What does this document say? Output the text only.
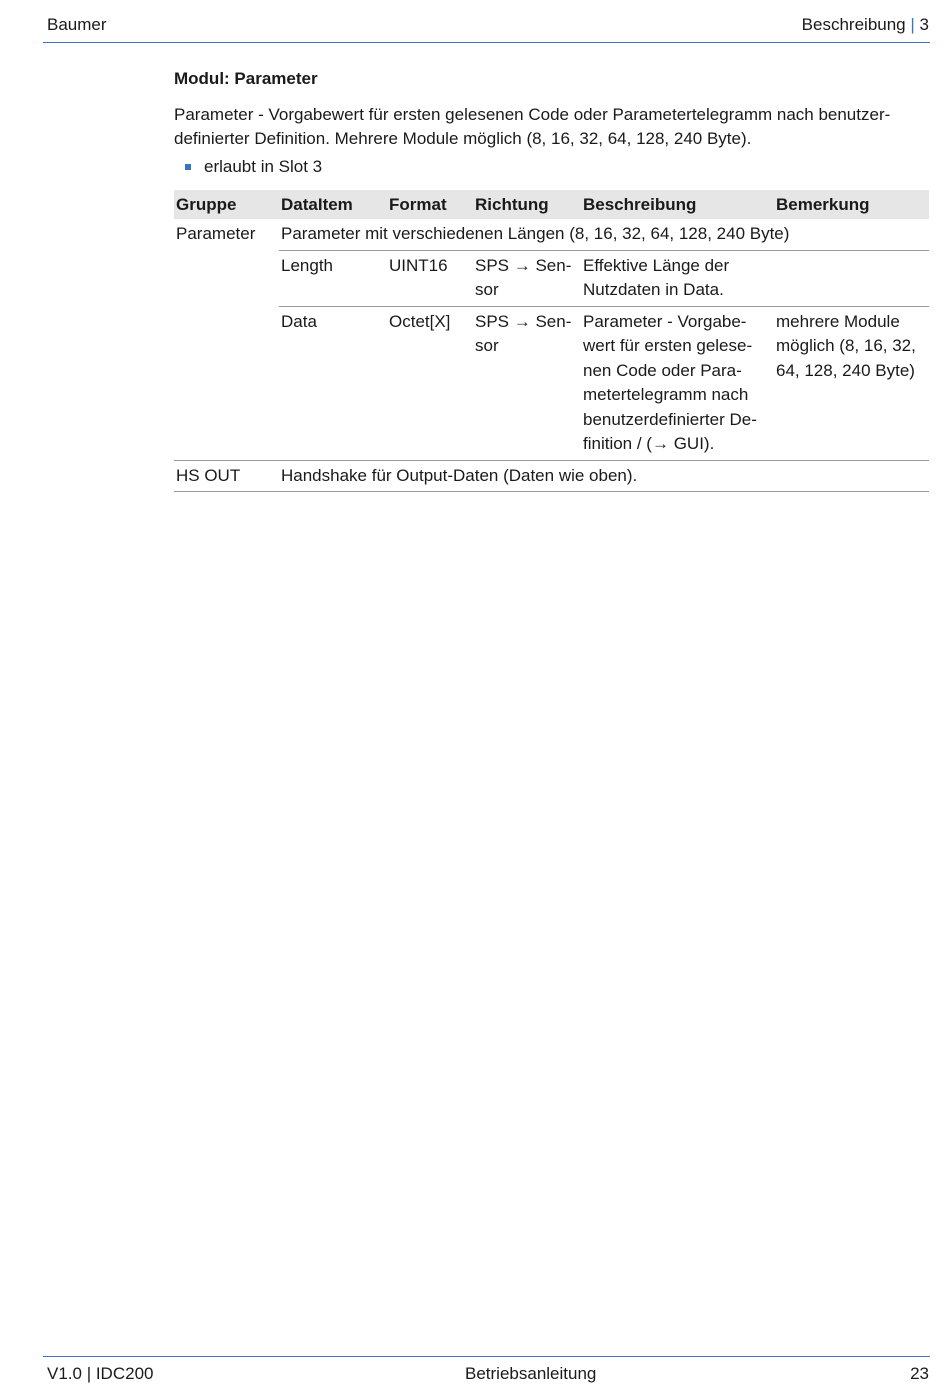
Baumer	Beschreibung | 3
Modul: Parameter

Parameter - Vorgabewert für ersten gelesenen Code oder Parametertelegramm nach benutzer-definierter Definition. Mehrere Module möglich (8, 16, 32, 64, 128, 240 Byte).

erlaubt in Slot 3
Gruppe	DataItem	Format	Richtung	Beschreibung	Bemerkung
Parameter	Parameter mit verschiedenen Längen (8, 16, 32, 64, 128, 240 Byte)				
	Length	UINT16	SPS → Sen-sor	Effektive Länge der Nutzdaten in Data.	
	Data	Octet[X]	SPS → Sen-sor	Parameter - Vorgabe-wert für ersten gelese-nen Code oder Para-metertelegramm nach benutzerdefinierter De-finition / (→ GUI).	mehrere Module möglich (8, 16, 32, 64, 128, 240 Byte)
HS OUT	Handshake für Output-Daten (Daten wie oben).				
V1.0 | IDC200	Betriebsanleitung	23
